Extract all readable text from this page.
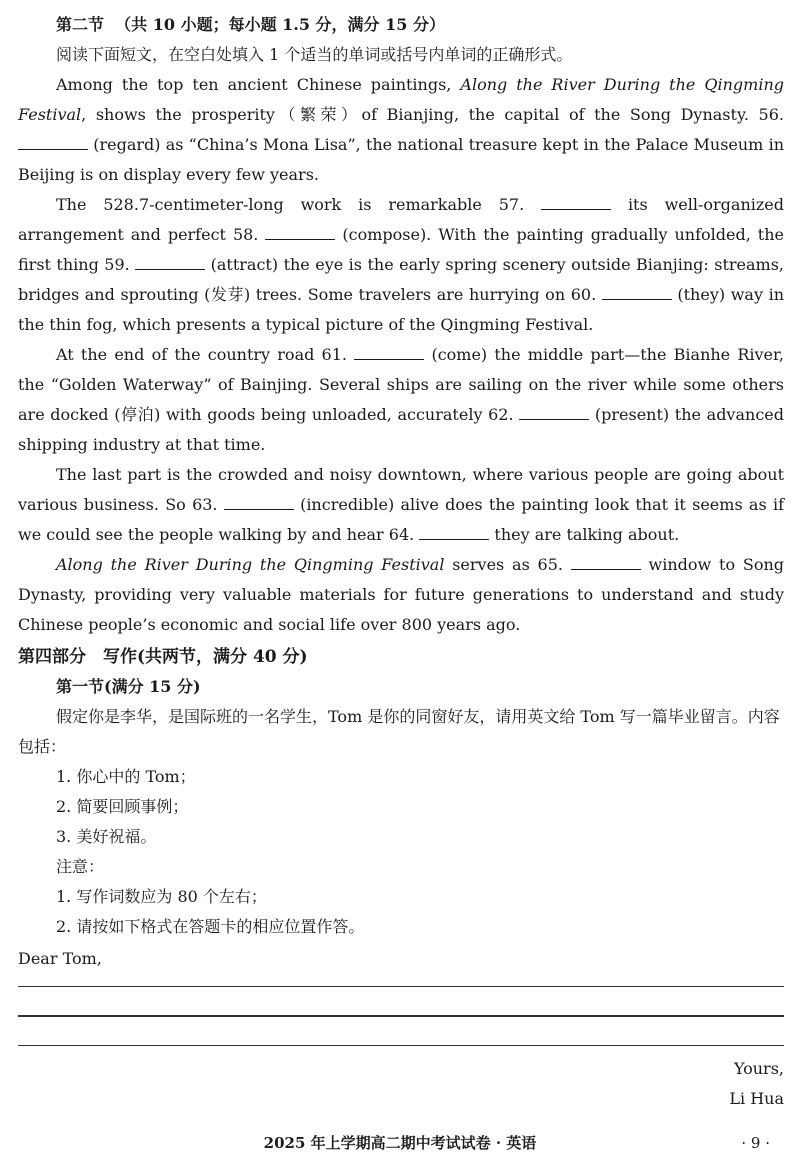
第二节 （共 10 小题；每小题 1.5 分，满分 15 分）
阅读下面短文，在空白处填入 1 个适当的单词或括号内单词的正确形式。

Among the top ten ancient Chinese paintings, Along the River During the Qingming Festival, shows the prosperity（繁荣）of Bianjing, the capital of the Song Dynasty. 56.  (regard) as “China’s Mona Lisa”, the national treasure kept in the Palace Museum in Beijing is on display every few years.

The 528.7-centimeter-long work is remarkable 57.	its well-organized arrangement and perfect 58.	(compose). With the painting gradually unfolded, the first thing 59.	(attract) the eye is the early spring scenery outside Bianjing: streams, bridges and sprouting (发芽) trees. Some travelers are hurrying on 60.	(they) way in the thin fog, which presents a typical picture of the Qingming Festival.

At the end of the country road 61.	(come) the middle part—the Bianhe River, the “Golden Waterway” of Bainjing. Several ships are sailing on the river while some others are docked (停泊) with goods being unloaded, accurately 62.	(present) the advanced shipping industry at that time.

The last part is the crowded and noisy downtown, where various people are going about various business. So 63.	(incredible) alive does the painting look that it seems as if we could see the people walking by and hear 64.	they are talking about.

Along the River During the Qingming Festival serves as 65.	window to Song Dynasty, providing very valuable materials for future generations to understand and study Chinese people’s economic and social life over 800 years ago.

第四部分　写作(共两节，满分 40 分)
第一节(满分 15 分)
假定你是李华，是国际班的一名学生，Tom 是你的同窗好友，请用英文给 Tom 写一篇毕业留言。内容包括：
1. 你心中的 Tom；
2. 简要回顾事例；
3. 美好祝福。
注意：
1. 写作词数应为 80 个左右；
2. 请按如下格式在答题卡的相应位置作答。
Dear Tom,
Yours,
Li Hua
2025 年上学期高二期中考试试卷 · 英语	· 9 ·
